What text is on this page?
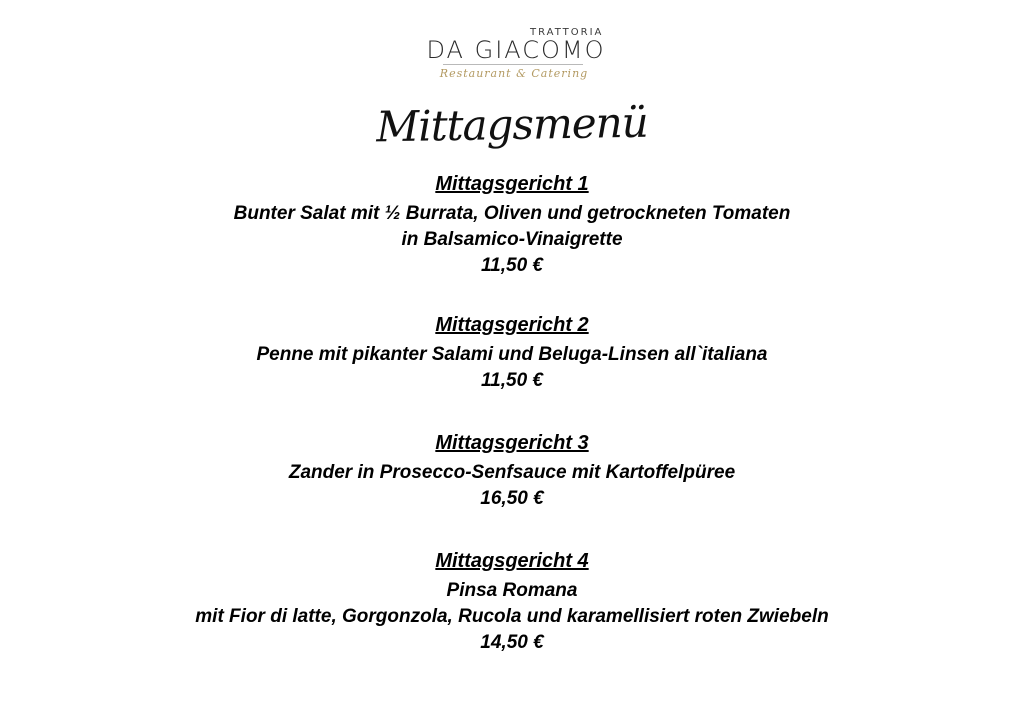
TRATTORIA
DA GIACOMO
Restaurant & Catering
Mittagsmenü
Mittagsgericht 1
Bunter Salat mit ½ Burrata, Oliven und getrockneten Tomaten
in Balsamico-Vinaigrette
11,50 €
Mittagsgericht 2
Penne mit pikanter Salami und Beluga-Linsen all`italiana
11,50 €
Mittagsgericht 3
Zander in Prosecco-Senfsauce mit Kartoffelpüree
16,50 €
Mittagsgericht 4
Pinsa Romana
mit Fior di latte, Gorgonzola, Rucola und karamellisiert roten Zwiebeln
14,50 €
